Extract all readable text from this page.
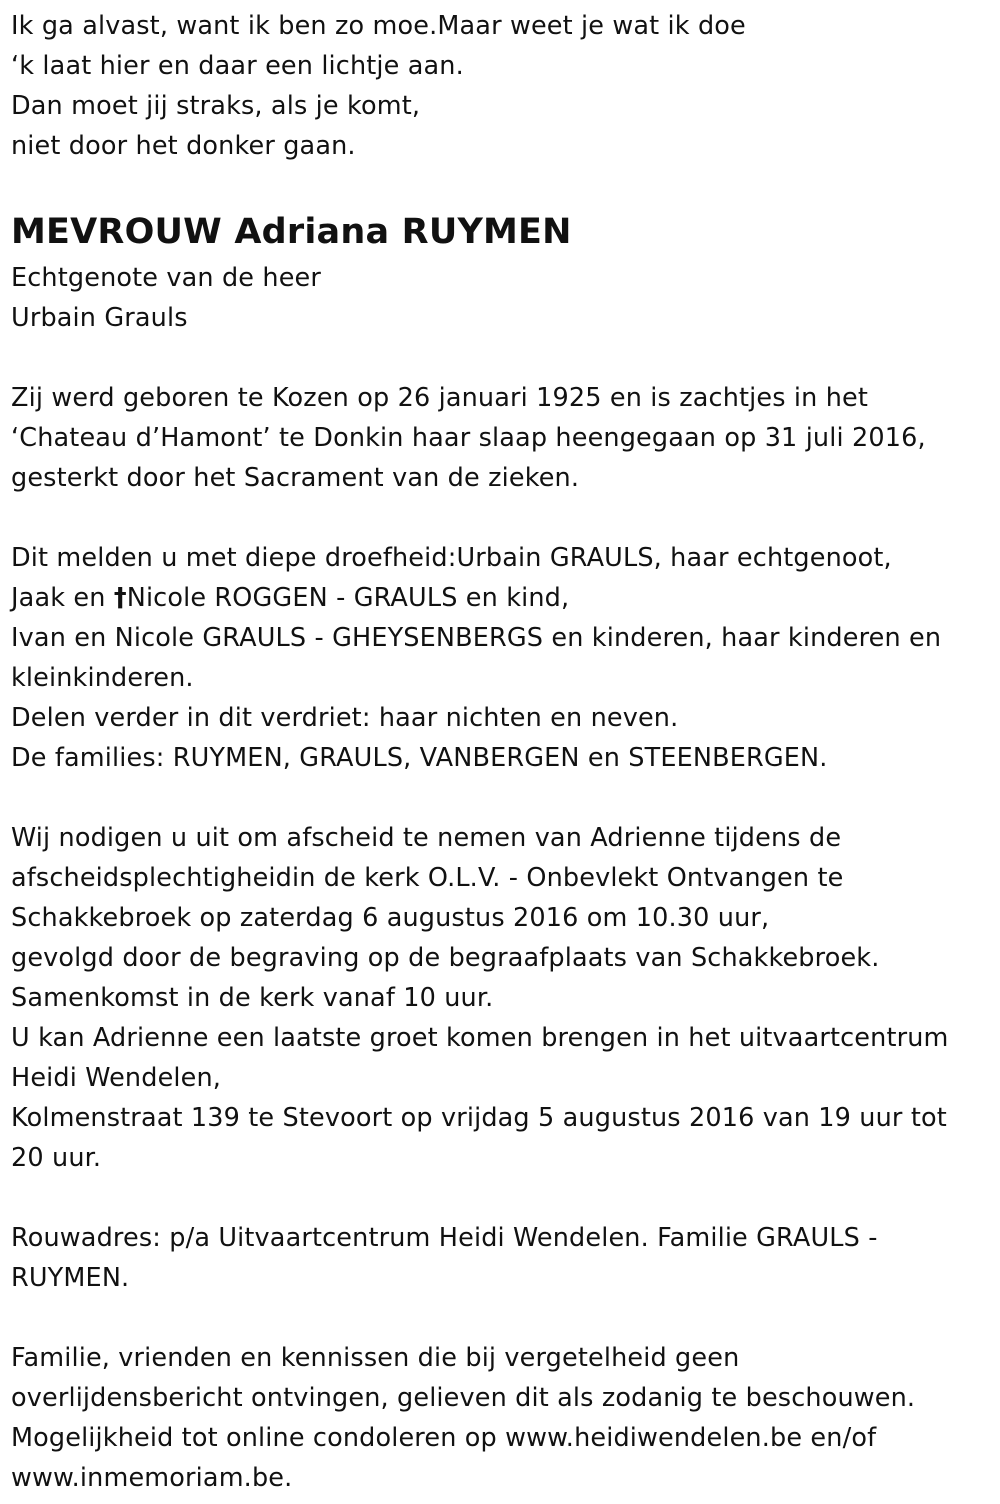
Ik ga alvast, want ik ben zo moe.Maar weet je wat ik doe
‘k laat hier en daar een lichtje aan.
Dan moet jij straks, als je komt,
niet door het donker gaan.
MEVROUW Adriana RUYMEN
Echtgenote van de heer
Urbain Grauls
Zij werd geboren te Kozen op 26 januari 1925 en is zachtjes in het
‘Chateau d’Hamont’ te Donkin haar slaap heengegaan op 31 juli 2016,
gesterkt door het Sacrament van de zieken.
Dit melden u met diepe droefheid:Urbain GRAULS, haar echtgenoot,
Jaak en †Nicole ROGGEN - GRAULS en kind,
Ivan en Nicole GRAULS - GHEYSENBERGS en kinderen, haar kinderen en
kleinkinderen.
Delen verder in dit verdriet: haar nichten en neven.
De families: RUYMEN, GRAULS, VANBERGEN en STEENBERGEN.
Wij nodigen u uit om afscheid te nemen van Adrienne tijdens de
afscheidsplechtigheidin de kerk O.L.V. - Onbevlekt Ontvangen te
Schakkebroek op zaterdag 6 augustus 2016 om 10.30 uur,
gevolgd door de begraving op de begraafplaats van Schakkebroek.
Samenkomst in de kerk vanaf 10 uur.
U kan Adrienne een laatste groet komen brengen in het uitvaartcentrum
Heidi Wendelen,
Kolmenstraat 139 te Stevoort op vrijdag 5 augustus 2016 van 19 uur tot
20 uur.
Rouwadres: p/a Uitvaartcentrum Heidi Wendelen. Familie GRAULS -
RUYMEN.
Familie, vrienden en kennissen die bij vergetelheid geen
overlijdensbericht ontvingen, gelieven dit als zodanig te beschouwen.
Mogelijkheid tot online condoleren op www.heidiwendelen.be en/of
www.inmemoriam.be.
